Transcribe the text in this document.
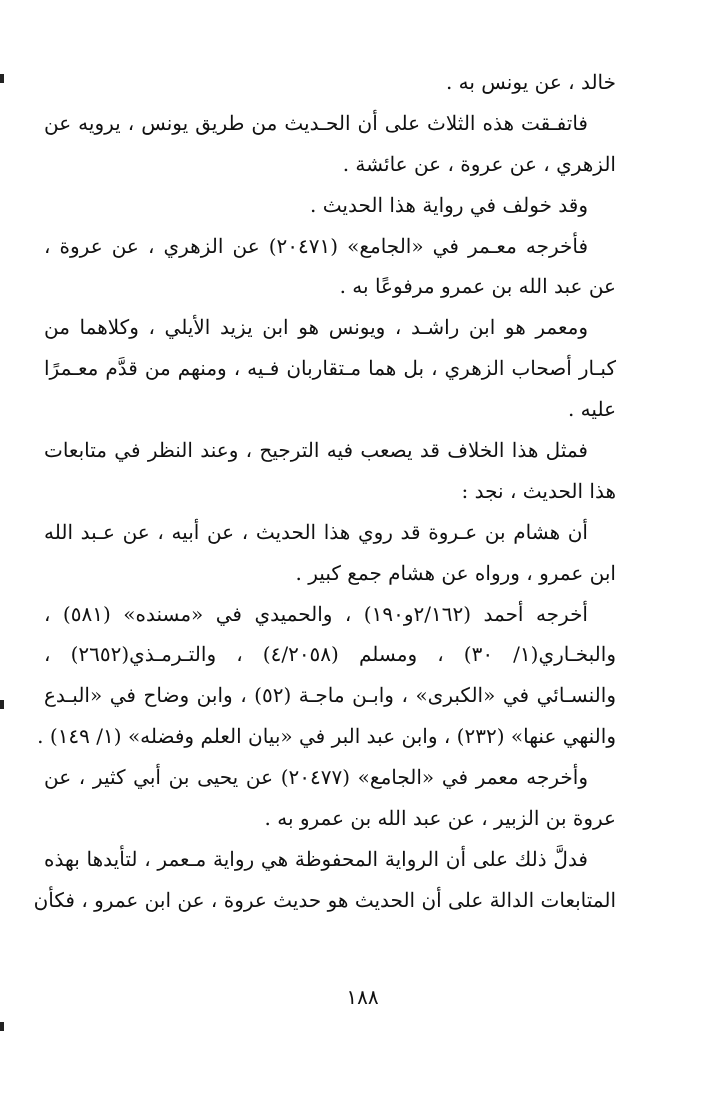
خالد ، عن يونس به .
فاتفـقت هذه الثلاث على أن الحـديث من طريق يونس ، يرويه عن
الزهري ، عن عروة ، عن عائشة .
وقد خولف في رواية هذا الحديث .
فأخرجه معـمر في «الجامع» (٢٠٤٧١) عن الزهري ، عن عروة ،
عن عبد الله بن عمرو مرفوعًا به .
ومعمر هو ابن راشـد ، ويونس هو ابن يزيد الأيلي ، وكلاهما من
كبـار أصحاب الزهري ، بل هما مـتقاربان فـيه ، ومنهم من قدَّم معـمرًا
عليه .
فمثل هذا الخلاف قد يصعب فيه الترجيح ، وعند النظر في متابعات
هذا الحديث ، نجد :
أن هشام بن عـروة قد روي هذا الحديث ، عن أبيه ، عن عـبد الله
ابن عمرو ، ورواه عن هشام جمع كبير .
أخرجه أحمد (٢/١٦٢و١٩٠) ، والحميدي في «مسنده» (٥٨١) ،
والبخـاري(١/ ٣٠) ، ومسلم (٤/٢٠٥٨) ، والتـرمـذي(٢٦٥٢) ،
والنسـائي في «الكبرى» ، وابـن ماجـة (٥٢) ، وابن وضاح في «البـدع
والنهي عنها» (٢٣٢) ، وابن عبد البر في «بيان العلم وفضله» (١/ ١٤٩) .
وأخرجه معمر في «الجامع» (٢٠٤٧٧) عن يحيى بن أبي كثير ، عن
عروة بن الزبير ، عن عبد الله بن عمرو به .
فدلَّ ذلك على أن الرواية المحفوظة هي رواية مـعمر ، لتأيدها بهذه
المتابعات الدالة على أن الحديث هو حديث عروة ، عن ابن عمرو ، فكأن
١٨٨
